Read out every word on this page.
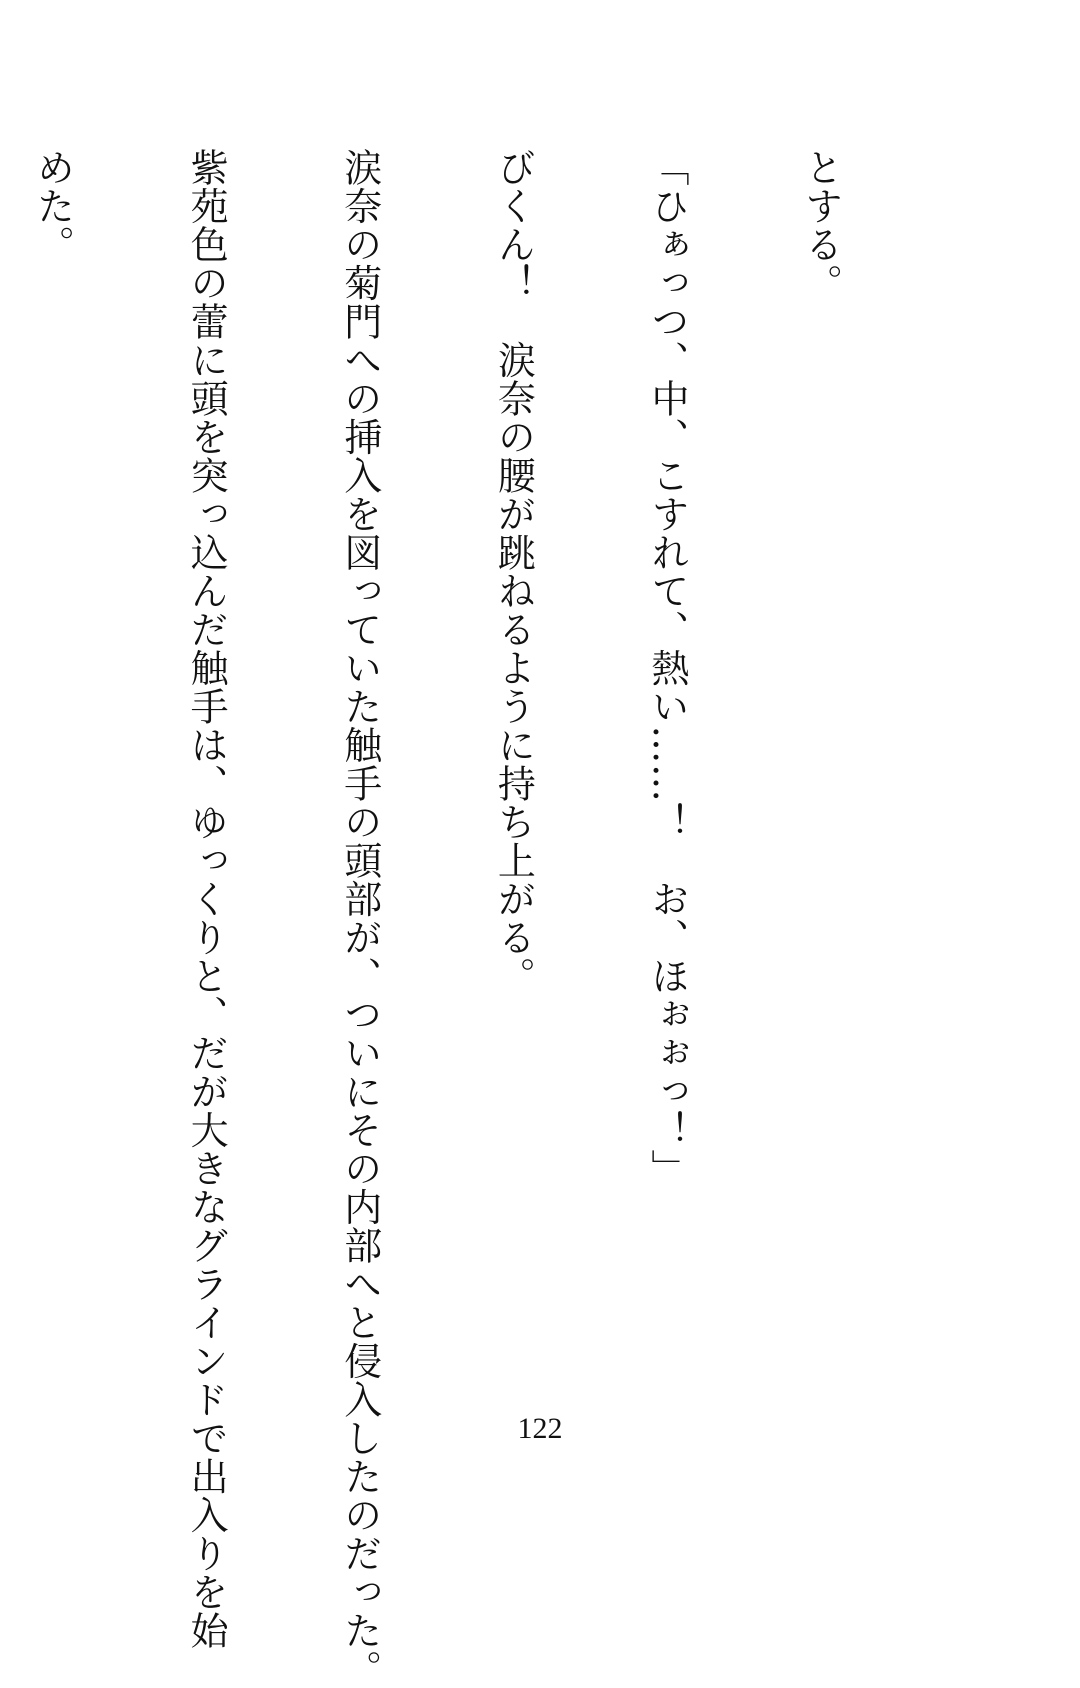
とする。

「ひぁっつ、中、こすれて、熱い……！　お、ほぉぉっ！」

びくん！　涙奈の腰が跳ねるように持ち上がる。

涙奈の菊門への挿入を図っていた触手の頭部が、ついにその内部へと侵入したのだった。

紫苑色の蕾に頭を突っ込んだ触手は、ゆっくりと、だが大きなグラインドで出入りを始

めた。

122
